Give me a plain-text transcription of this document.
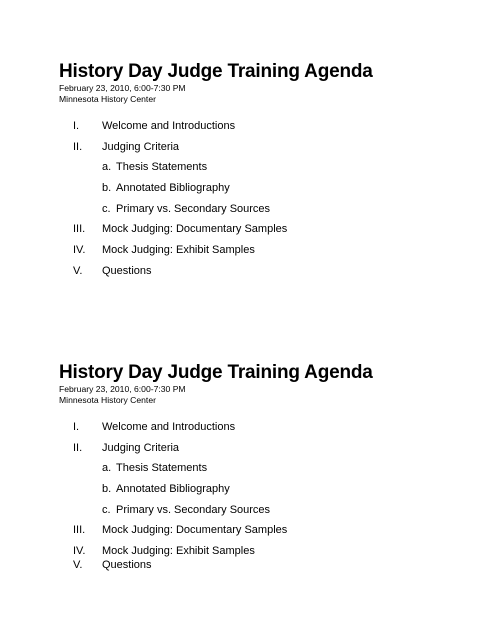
History Day Judge Training Agenda

February 23, 2010, 6:00-7:30 PM

Minnesota History Center

I. Welcome and Introductions
II. Judging Criteria
a. Thesis Statements
b. Annotated Bibliography
c. Primary vs. Secondary Sources
III. Mock Judging: Documentary Samples
IV. Mock Judging: Exhibit Samples
V. Questions
History Day Judge Training Agenda

February 23, 2010, 6:00-7:30 PM

Minnesota History Center

I. Welcome and Introductions
II. Judging Criteria
a. Thesis Statements
b. Annotated Bibliography
c. Primary vs. Secondary Sources
III. Mock Judging: Documentary Samples
IV. Mock Judging: Exhibit Samples
V. Questions
